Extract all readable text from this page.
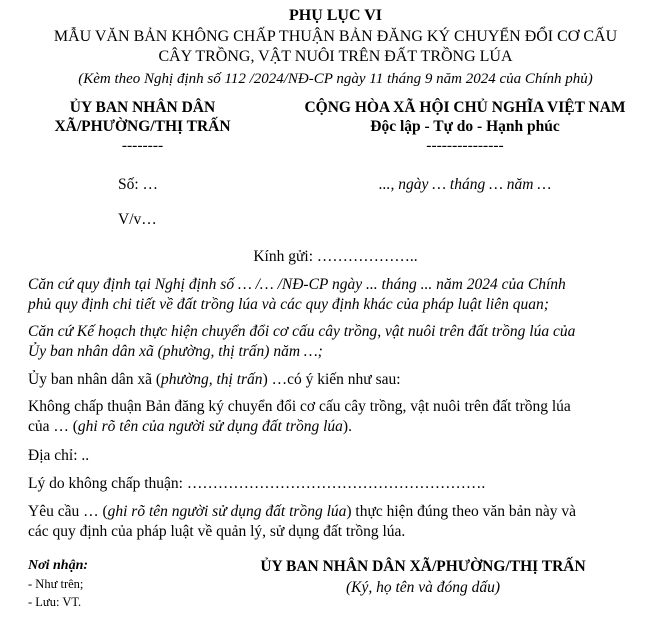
PHỤ LỤC VI
MẪU VĂN BẢN KHÔNG CHẤP THUẬN BẢN ĐĂNG KÝ CHUYỂN ĐỔI CƠ CẤU
CÂY TRỒNG, VẬT NUÔI TRÊN ĐẤT TRỒNG LÚA
(Kèm theo Nghị định số 112 /2024/NĐ-CP ngày 11 tháng 9 năm 2024 của Chính phủ)
ỦY BAN NHÂN DÂN
XÃ/PHƯỜNG/THỊ TRẤN
--------
Số: …
V/v…
CỘNG HÒA XÃ HỘI CHỦ NGHĨA VIỆT NAM
Độc lập - Tự do - Hạnh phúc
---------------
..., ngày … tháng … năm …
Kính gửi: ………………..
Căn cứ quy định tại Nghị định số … /… /NĐ-CP ngày ... tháng ... năm 2024 của Chính
phủ quy định chi tiết về đất trồng lúa và các quy định khác của pháp luật liên quan;
Căn cứ Kế hoạch thực hiện chuyển đổi cơ cấu cây trồng, vật nuôi trên đất trồng lúa của
Ủy ban nhân dân xã (phường, thị trấn) năm …;
Ủy ban nhân dân xã (phường, thị trấn) …có ý kiến như sau:
Không chấp thuận Bản đăng ký chuyển đổi cơ cấu cây trồng, vật nuôi trên đất trồng lúa
của … (ghi rõ tên của người sử dụng đất trồng lúa).
Địa chỉ: ..
Lý do không chấp thuận: ………………………………………………….
Yêu cầu … (ghi rõ tên người sử dụng đất trồng lúa) thực hiện đúng theo văn bản này và
các quy định của pháp luật về quản lý, sử dụng đất trồng lúa.
Nơi nhận:
- Như trên;
- Lưu: VT.
ỦY BAN NHÂN DÂN XÃ/PHƯỜNG/THỊ TRẤN
(Ký, họ tên và đóng dấu)
